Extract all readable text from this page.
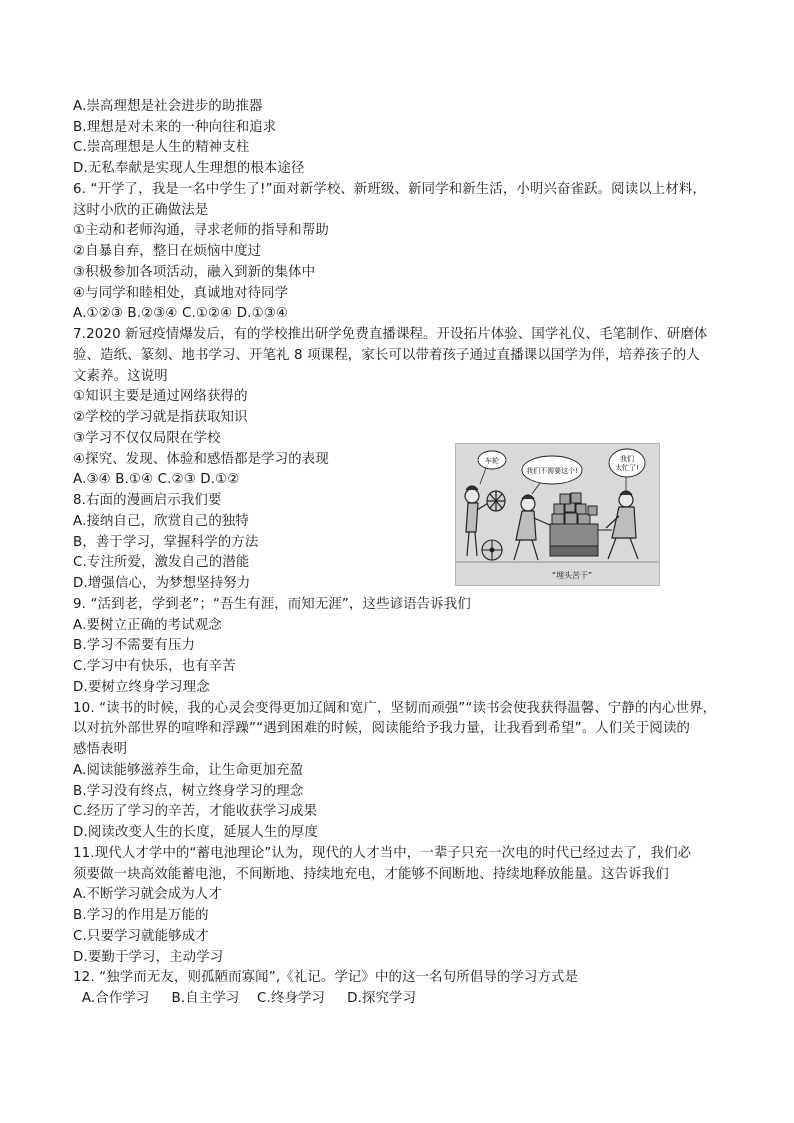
A.崇高理想是社会进步的助推器
B.理想是对未来的一种向往和追求
C.崇高理想是人生的精神支柱
D.无私奉献是实现人生理想的根本途径
6. “开学了，我是一名中学生了!”面对新学校、新班级、新同学和新生活，小明兴奋雀跃。阅读以上材料，
这时小欣的正确做法是
①主动和老师沟通，寻求老师的指导和帮助
②自暴自弃，整日在烦恼中度过
③积极参加各项活动，融入到新的集体中
④与同学和睦相处，真诚地对待同学
A.①②③ B.②③④ C.①②④ D.①③④
7.2020 新冠疫情爆发后，有的学校推出研学免费直播课程。开设拓片体验、国学礼仪、毛笔制作、研磨体
验、造纸、篆刻、地书学习、开笔礼 8 项课程，家长可以带着孩子通过直播课以国学为伴，培养孩子的人
文素养。这说明
①知识主要是通过网络获得的
②学校的学习就是指获取知识
③学习不仅仅局限在学校
④探究、发现、体验和感悟都是学习的表现
A.③④ B.①④ C.②③ D.①②
8.右面的漫画启示我们要
A.接纳自己，欣赏自己的独特
B，善于学习，掌握科学的方法
C.专注所爱，激发自己的潜能
D.增强信心，为梦想坚持努力
9. “活到老，学到老”；“吾生有涯，而知无涯”，这些谚语告诉我们
A.要树立正确的考试观念
B.学习不需要有压力
C.学习中有快乐，也有辛苦
D.要树立终身学习理念
10. “读书的时候，我的心灵会变得更加辽阔和宽广，坚韧而顽强”“读书会使我获得温馨、宁静的内心世界，
以对抗外部世界的喧哗和浮躁”“遇到困难的时候，阅读能给予我力量，让我看到希望”。人们关于阅读的
感悟表明
A.阅读能够滋养生命，让生命更加充盈
B.学习没有终点，树立终身学习的理念
C.经历了学习的辛苦，才能收获学习成果
D.阅读改变人生的长度，延展人生的厚度
11.现代人才学中的“蓄电池理论”认为，现代的人才当中，一辈子只充一次电的时代已经过去了，我们必
须要做一块高效能蓄电池，不间断地、持续地充电，才能够不间断地、持续地释放能量。这告诉我们
A.不断学习就会成为人才
B.学习的作用是万能的
C.只要学习就能够成才
D.要勤于学习，主动学习
12. “独学而无友，则孤陋而寡闻”,《礼记。学记》中的这一名句所倡导的学习方式是
A.合作学习     B.自主学习    C.终身学习     D.探究学习
车轮
我们不需要这个!
我们
太忙了!
“埋头苦干”
